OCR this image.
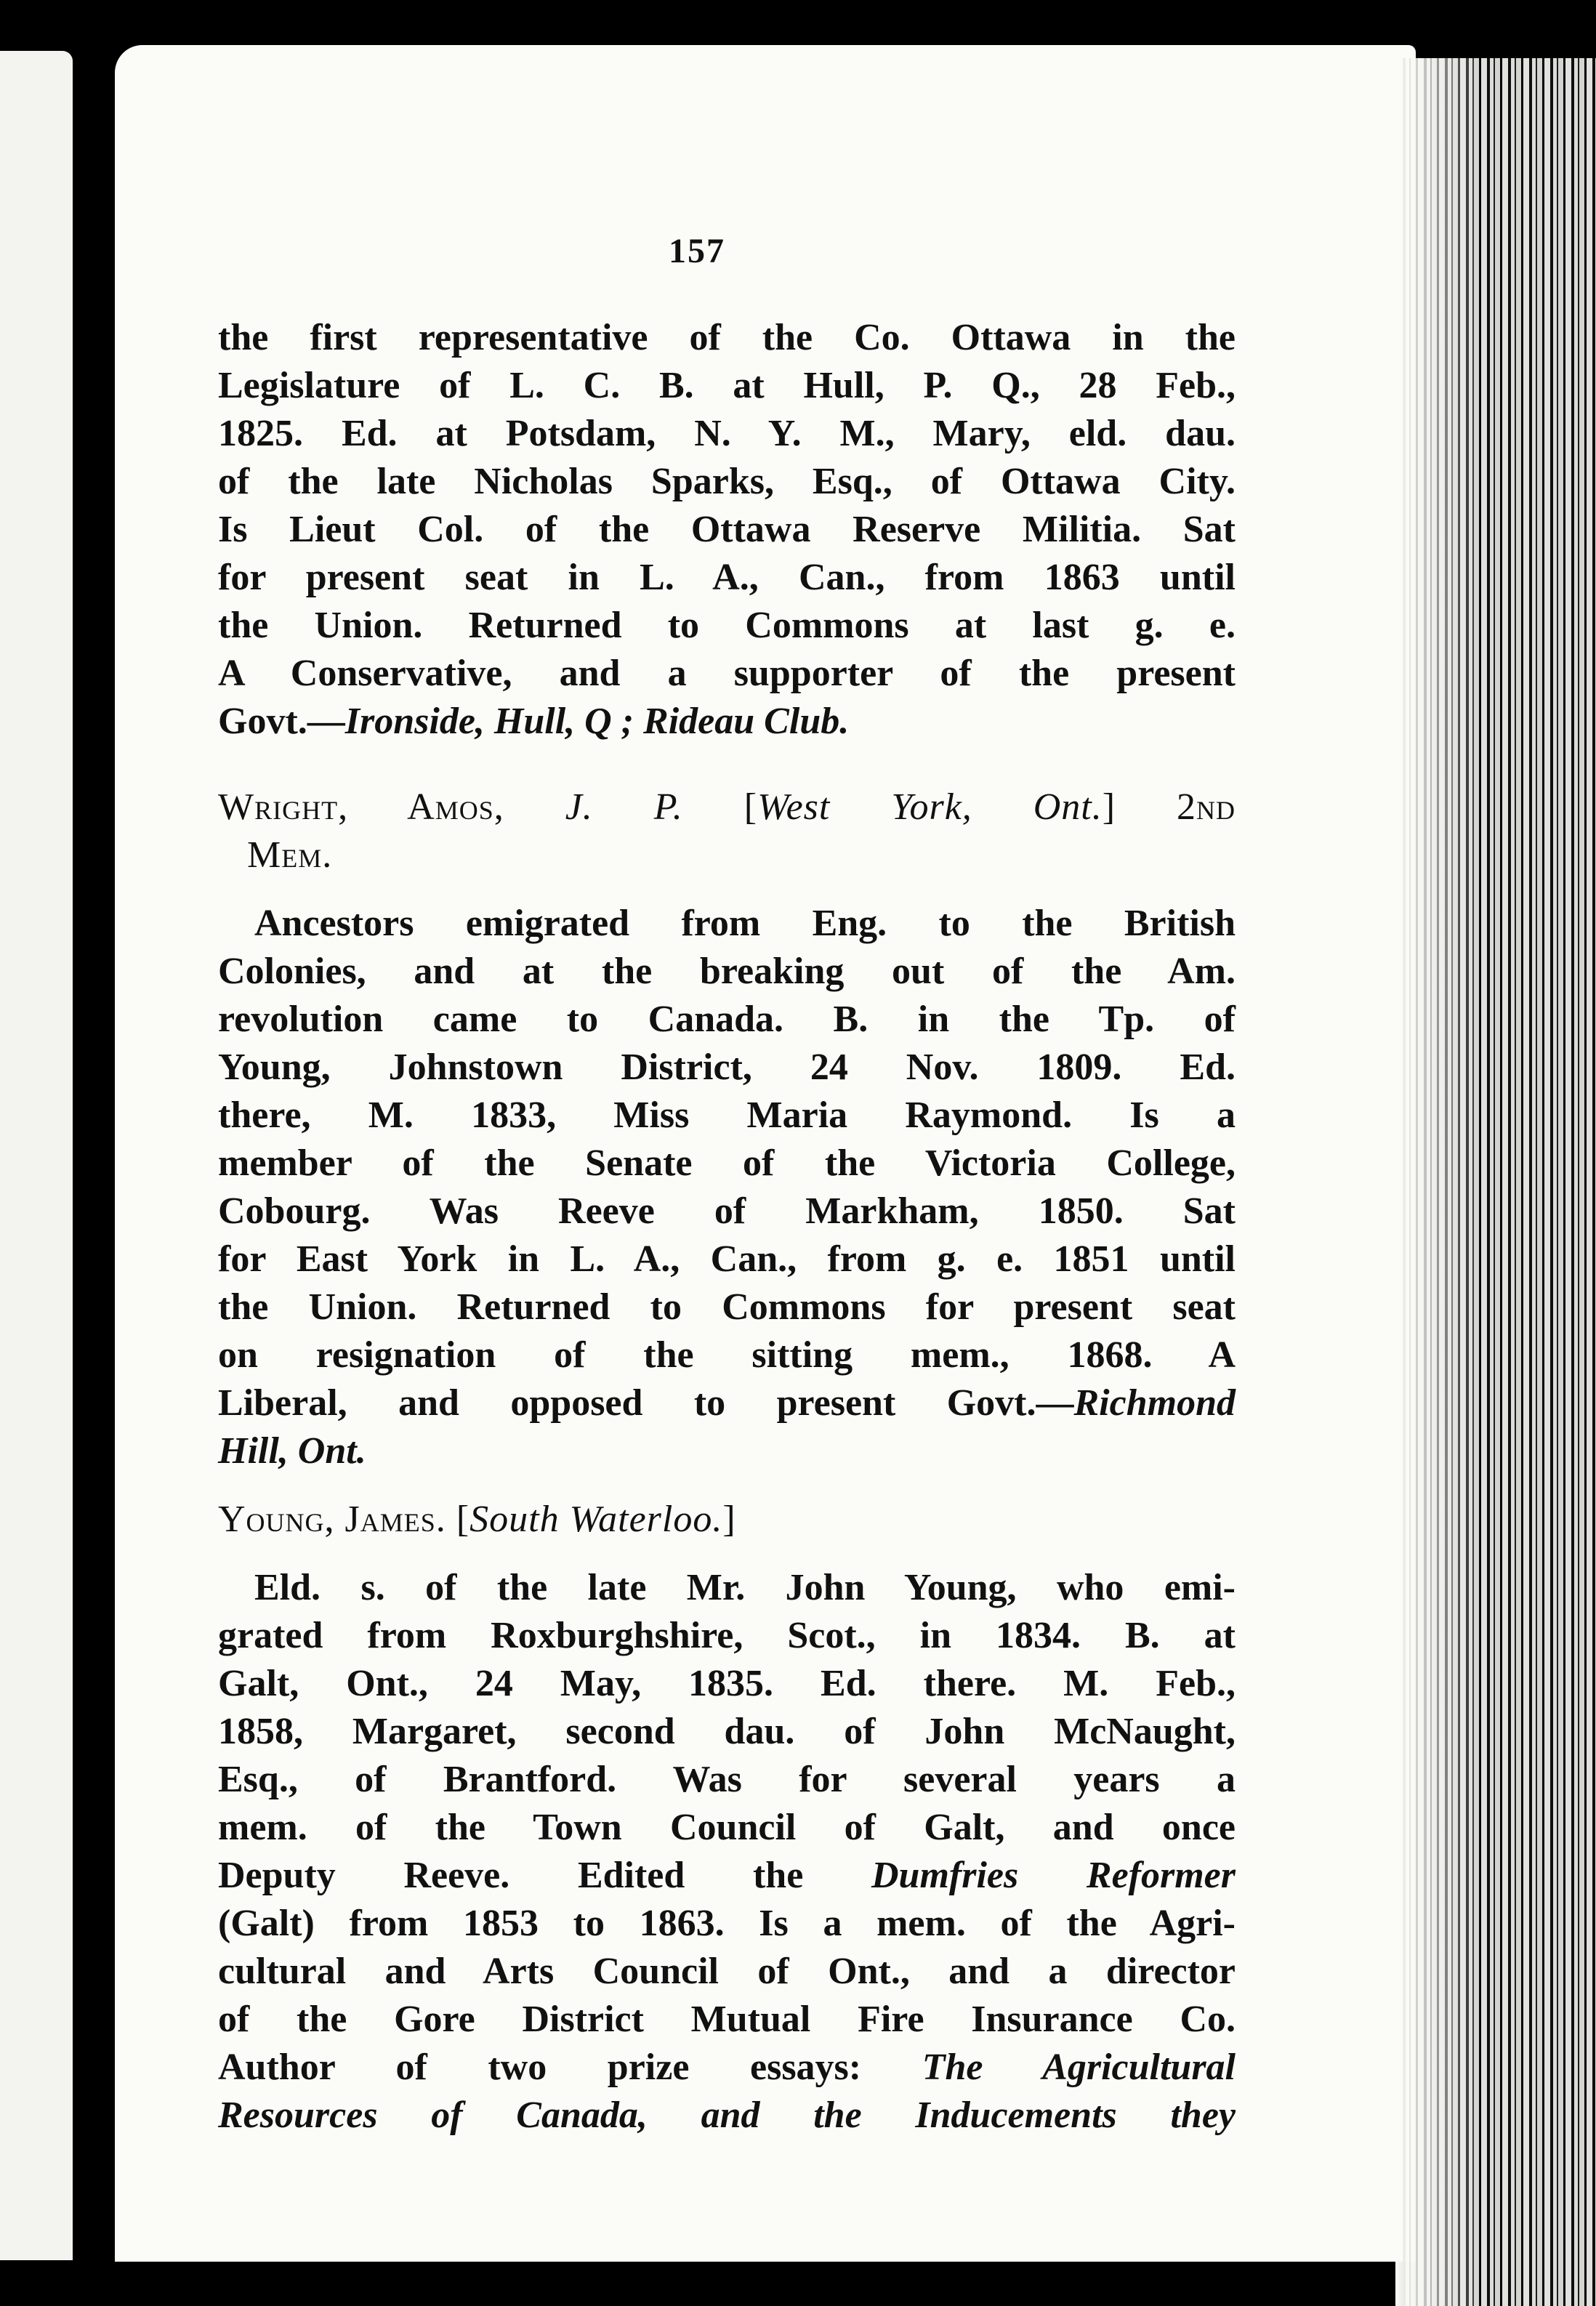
157
the first representative of the Co. Ottawa in the
Legislature of L. C. B. at Hull, P. Q., 28 Feb.,
1825. Ed. at Potsdam, N. Y. M., Mary, eld. dau.
of the late Nicholas Sparks, Esq., of Ottawa City.
Is Lieut Col. of the Ottawa Reserve Militia. Sat
for present seat in L. A., Can., from 1863 until
the Union. Returned to Commons at last g. e.
A Conservative, and a supporter of the present
Govt.—Ironside, Hull, Q ; Rideau Club.
Wright, Amos, J. P. [West York, Ont.] 2nd
Mem.
Ancestors emigrated from Eng. to the British
Colonies, and at the breaking out of the Am.
revolution came to Canada. B. in the Tp. of
Young, Johnstown District, 24 Nov. 1809. Ed.
there, M. 1833, Miss Maria Raymond. Is a
member of the Senate of the Victoria College,
Cobourg. Was Reeve of Markham, 1850. Sat
for East York in L. A., Can., from g. e. 1851 until
the Union. Returned to Commons for present seat
on resignation of the sitting mem., 1868. A
Liberal, and opposed to present Govt.—Richmond
Hill, Ont.
Young, James. [South Waterloo.]
Eld. s. of the late Mr. John Young, who emi-
grated from Roxburghshire, Scot., in 1834. B. at
Galt, Ont., 24 May, 1835. Ed. there. M. Feb.,
1858, Margaret, second dau. of John McNaught,
Esq., of Brantford. Was for several years a
mem. of the Town Council of Galt, and once
Deputy Reeve. Edited the Dumfries Reformer
(Galt) from 1853 to 1863. Is a mem. of the Agri-
cultural and Arts Council of Ont., and a director
of the Gore District Mutual Fire Insurance Co.
Author of two prize essays: The Agricultural
Resources of Canada, and the Inducements they
